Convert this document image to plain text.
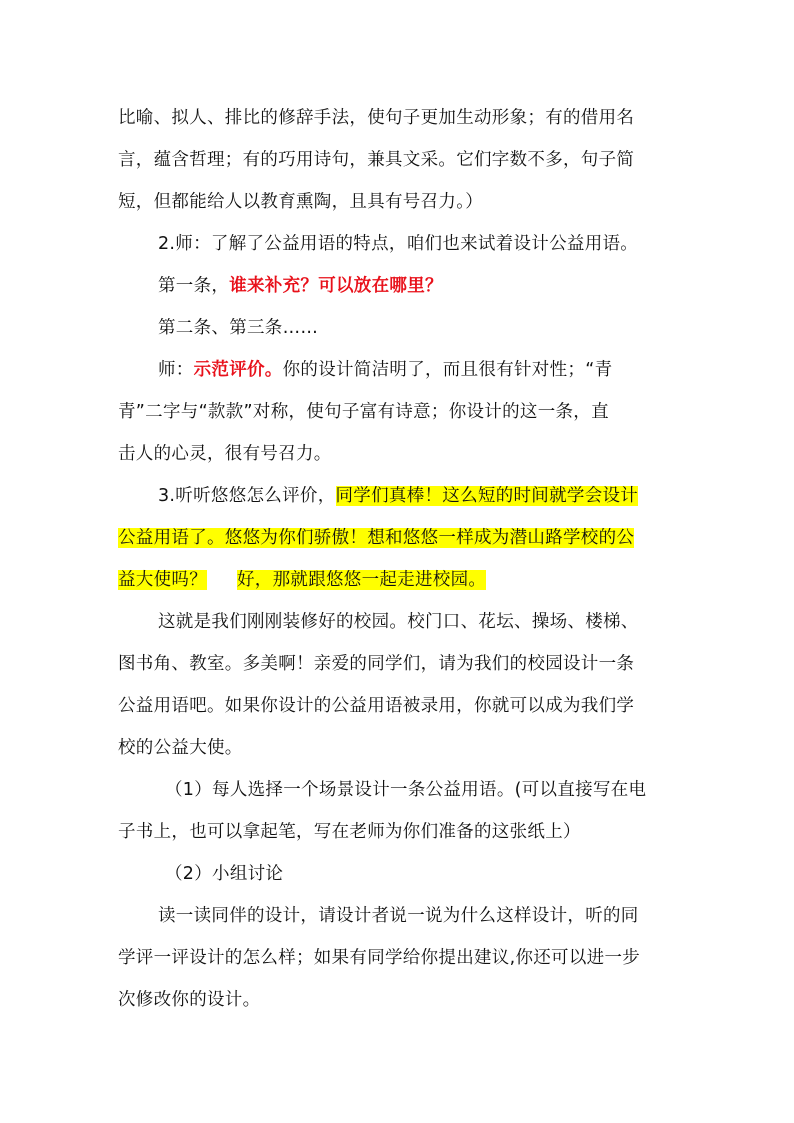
比喻、拟人、排比的修辞手法，使句子更加生动形象；有的借用名
言，蕴含哲理；有的巧用诗句，兼具文采。它们字数不多，句子简
短，但都能给人以教育熏陶，且具有号召力。）
2.师：了解了公益用语的特点，咱们也来试着设计公益用语。
第一条，谁来补充？可以放在哪里？
第二条、第三条……
师：示范评价。你的设计简洁明了，而且很有针对性；“青
青”二字与“款款”对称，使句子富有诗意；你设计的这一条，直
击人的心灵，很有号召力。
3.听听悠悠怎么评价，同学们真棒！这么短的时间就学会设计
公益用语了。悠悠为你们骄傲！想和悠悠一样成为潜山路学校的公
益大使吗？ 好，那就跟悠悠一起走进校园。
这就是我们刚刚装修好的校园。校门口、花坛、操场、楼梯、
图书角、教室。多美啊！亲爱的同学们，请为我们的校园设计一条
公益用语吧。如果你设计的公益用语被录用，你就可以成为我们学
校的公益大使。
（1）每人选择一个场景设计一条公益用语。(可以直接写在电
子书上，也可以拿起笔，写在老师为你们准备的这张纸上）
（2）小组讨论
读一读同伴的设计，请设计者说一说为什么这样设计，听的同
学评一评设计的怎么样；如果有同学给你提出建议,你还可以进一步
次修改你的设计。
